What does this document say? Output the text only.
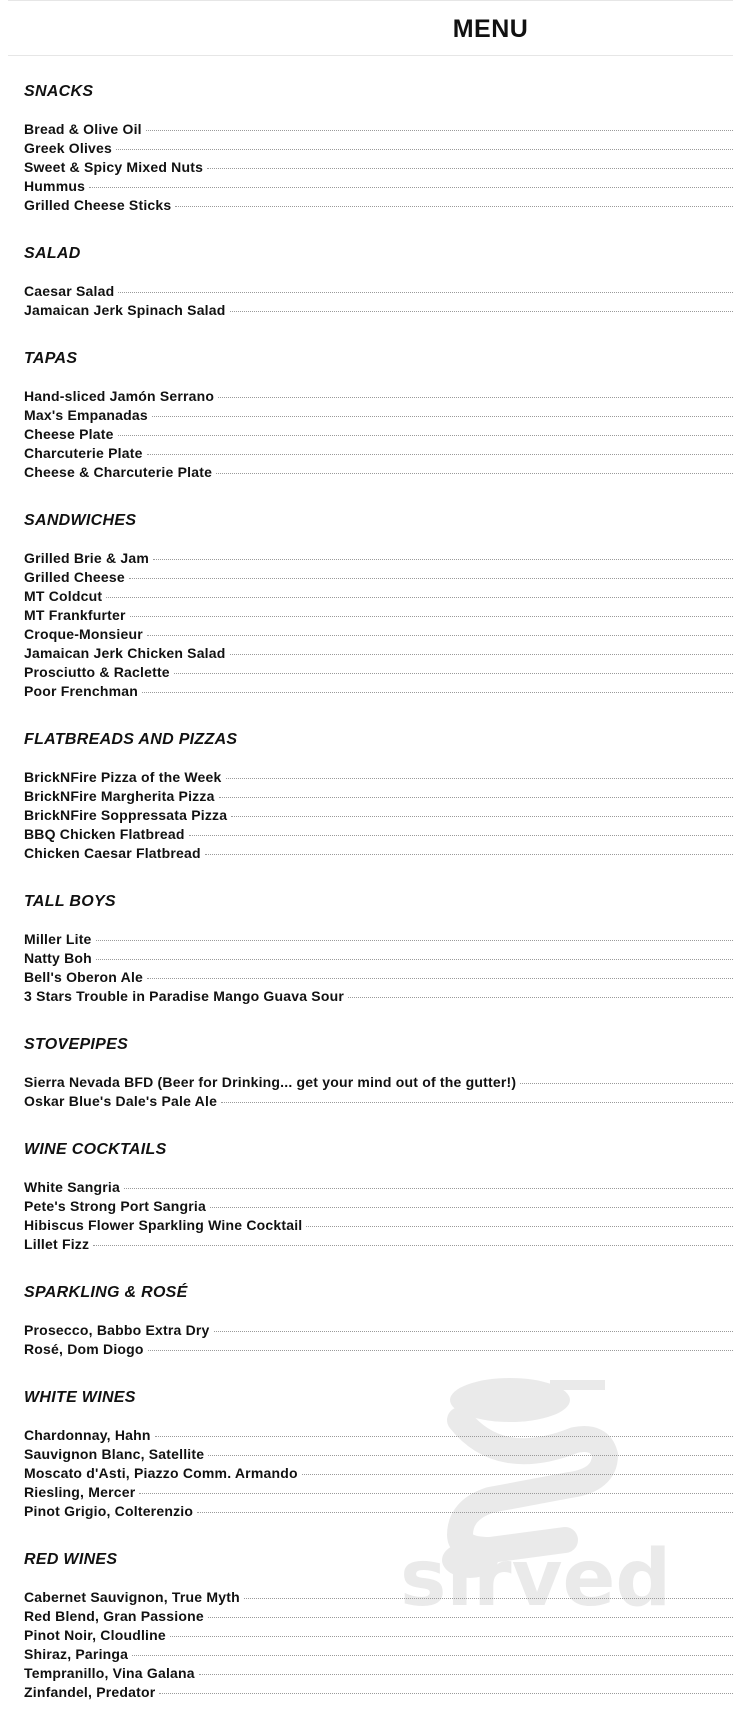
MENU
sirved
SNACKS
Bread & Olive Oil
Greek Olives
Sweet & Spicy Mixed Nuts
Hummus
Grilled Cheese Sticks
SALAD
Caesar Salad
Jamaican Jerk Spinach Salad
TAPAS
Hand-sliced Jamón Serrano
Max's Empanadas
Cheese Plate
Charcuterie Plate
Cheese & Charcuterie Plate
SANDWICHES
Grilled Brie & Jam
Grilled Cheese
MT Coldcut
MT Frankfurter
Croque-Monsieur
Jamaican Jerk Chicken Salad
Prosciutto & Raclette
Poor Frenchman
FLATBREADS AND PIZZAS
BrickNFire Pizza of the Week
BrickNFire Margherita Pizza
BrickNFire Soppressata Pizza
BBQ Chicken Flatbread
Chicken Caesar Flatbread
TALL BOYS
Miller Lite
Natty Boh
Bell's Oberon Ale
3 Stars Trouble in Paradise Mango Guava Sour
STOVEPIPES
Sierra Nevada BFD (Beer for Drinking... get your mind out of the gutter!)
Oskar Blue's Dale's Pale Ale
WINE COCKTAILS
White Sangria
Pete's Strong Port Sangria
Hibiscus Flower Sparkling Wine Cocktail
Lillet Fizz
SPARKLING & ROSÉ
Prosecco, Babbo Extra Dry
Rosé, Dom Diogo
WHITE WINES
Chardonnay, Hahn
Sauvignon Blanc, Satellite
Moscato d'Asti, Piazzo Comm. Armando
Riesling, Mercer
Pinot Grigio, Colterenzio
RED WINES
Cabernet Sauvignon, True Myth
Red Blend, Gran Passione
Pinot Noir, Cloudline
Shiraz, Paringa
Tempranillo, Vina Galana
Zinfandel, Predator
